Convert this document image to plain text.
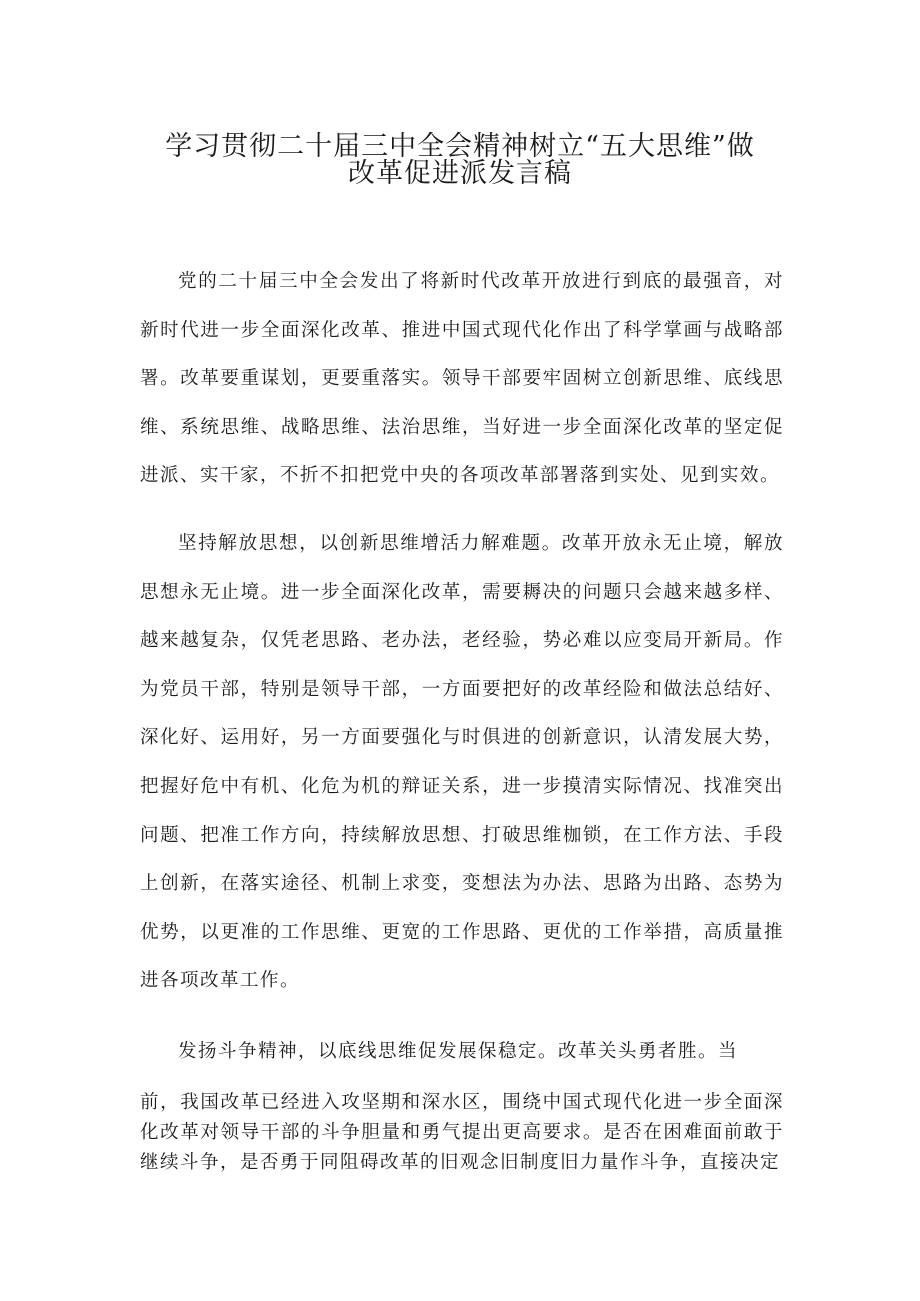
学习贯彻二十届三中全会精神树立“五大思维”做
改革促进派发言稿

党的二十届三中全会发出了将新时代改革开放进行到底的最强音，对新时代进一步全面深化改革、推进中国式现代化作出了科学掌画与战略部署。改革要重谋划，更要重落实。领导干部要牢固树立创新思维、底线思维、系统思维、战略思维、法治思维，当好进一步全面深化改革的坚定促进派、实干家，不折不扣把党中央的各项改革部署落到实处、见到实效。

坚持解放思想，以创新思维增活力解难题。改革开放永无止境，解放思想永无止境。进一步全面深化改革，需要耨决的问题只会越来越多样、越来越复杂，仅凭老思路、老办法，老经验，势必难以应变局开新局。作为党员干部，特别是领导干部，一方面要把好的改革经险和做法总结好、深化好、运用好，另一方面要强化与时俱进的创新意识，认清发展大势，把握好危中有机、化危为机的辩证关系，进一步摸清实际情况、找准突出问题、把准工作方向，持续解放思想、打破思维枷锁，在工作方法、手段上创新，在落实途径、机制上求变，变想法为办法、思路为出路、态势为优势，以更准的工作思维、更宽的工作思路、更优的工作举措，高质量推进各项改革工作。

发扬斗争精神，以底线思维促发展保稳定。改革关头勇者胜。当

前，我国改革已经进入攻坚期和深水区，围绕中国式现代化进一步全面深化改革对领导干部的斗争胆量和勇气提出更高要求。是否在困难面前敢于继续斗争，是否勇于同阻碍改革的旧观念旧制度旧力量作斗争，直接决定
